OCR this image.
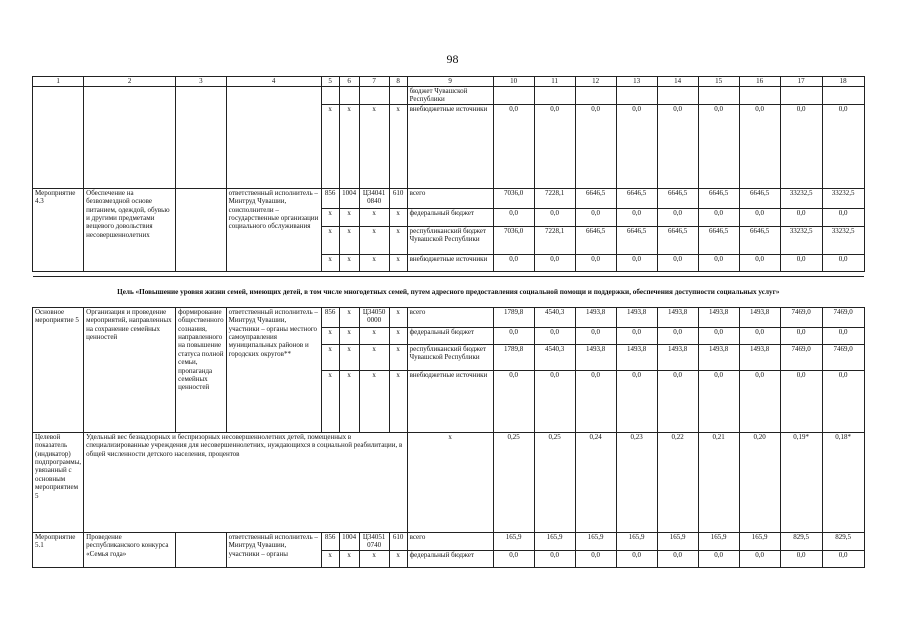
98
1	2	3	4	5	6	7	8	9	10	11	12	13	14	15	16	17	18
								бюджет Чувашской Республики									
				x	x	x	x	внебюджетные источники	0,0	0,0	0,0	0,0	0,0	0,0	0,0	0,0	0,0
Мероприятие 4.3	Обеспечение на безвозмездной основе питанием, одеждой, обувью и другими предметами вещевого довольствия несовершеннолетних		ответственный исполнитель – Минтруд Чувашии, соисполнители – государственные организации социального обслуживания	856	1004	Ц34041 0840	610	всего	7036,0	7228,1	6646,5	6646,5	6646,5	6646,5	6646,5	33232,5	33232,5
				x	x	x	x	федеральный бюджет	0,0	0,0	0,0	0,0	0,0	0,0	0,0	0,0	0,0
				x	x	x	x	республиканский бюджет Чувашской Республики	7036,0	7228,1	6646,5	6646,5	6646,5	6646,5	6646,5	33232,5	33232,5
				x	x	x	x	внебюджетные источники	0,0	0,0	0,0	0,0	0,0	0,0	0,0	0,0	0,0

Цель «Повышение уровня жизни семей, имеющих детей, в том числе многодетных семей, путем адресного предоставления социальной помощи и поддержки, обеспечения доступности социальных услуг»																	
Основное мероприятие 5	Организация и проведение мероприятий, направленных на сохранение семейных ценностей	формирование общественного сознания, направленного на повышение статуса полной семьи, пропаганда семейных ценностей	ответственный исполнитель – Минтруд Чувашии, участники – органы местного самоуправления муниципальных районов и городских округов**	856	x	Ц34050 0000	x	всего	1789,8	4540,3	1493,8	1493,8	1493,8	1493,8	1493,8	7469,0	7469,0
				x	x	x	x	федеральный бюджет	0,0	0,0	0,0	0,0	0,0	0,0	0,0	0,0	0,0
				x	x	x	x	республиканский бюджет Чувашской Республики	1789,8	4540,3	1493,8	1493,8	1493,8	1493,8	1493,8	7469,0	7469,0
				x	x	x	x	внебюджетные источники	0,0	0,0	0,0	0,0	0,0	0,0	0,0	0,0	0,0
Целевой показатель (индикатор) подпрограммы, увязанный с основным мероприятием 5	Удельный вес безнадзорных и беспризорных несовершеннолетних детей, помещенных в специализированные учреждения для несовершеннолетних, нуждающихся в социальной реабилитации, в общей численности детского населения, процентов							x	0,25	0,25	0,24	0,23	0,22	0,21	0,20	0,19*	0,18*
Мероприятие 5.1	Проведение республиканского конкурса «Семья года»		ответственный исполнитель – Минтруд Чувашии, участники – органы	856	1004	Ц34051 0740	610	всего	165,9	165,9	165,9	165,9	165,9	165,9	165,9	829,5	829,5
				x	x	x	x	федеральный бюджет	0,0	0,0	0,0	0,0	0,0	0,0	0,0	0,0	0,0
